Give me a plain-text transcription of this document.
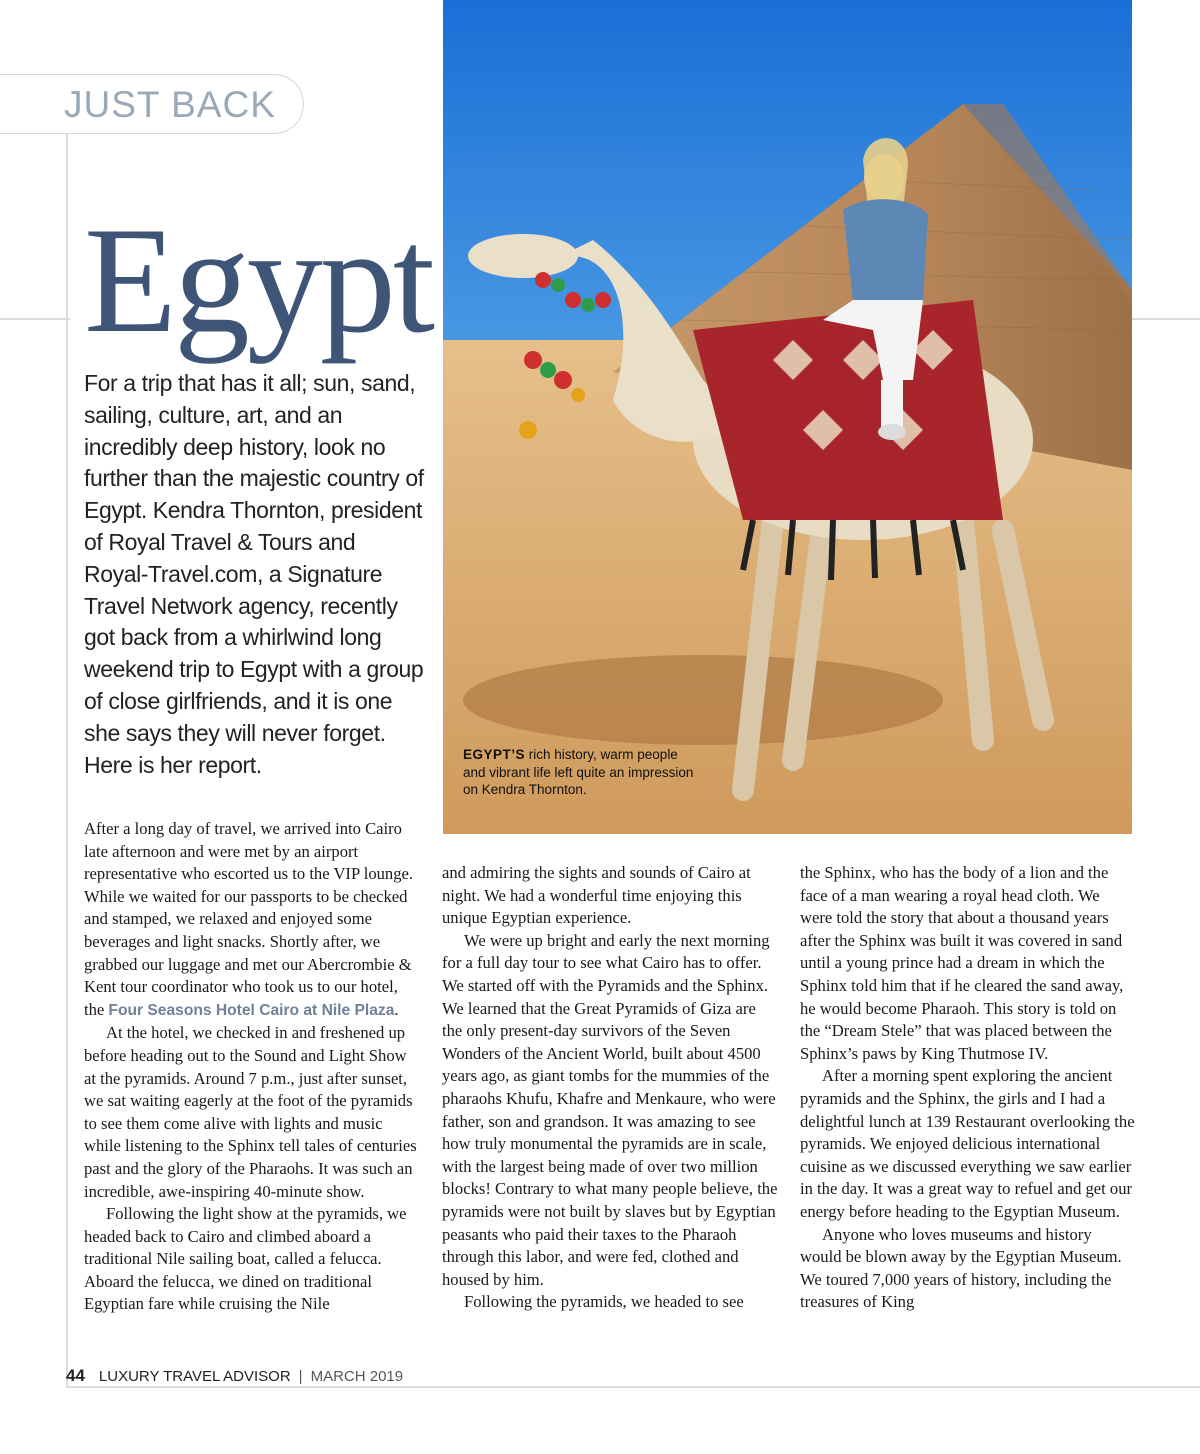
JUST BACK
Egypt
For a trip that has it all; sun, sand, sailing, culture, art, and an incredibly deep history, look no further than the majestic country of Egypt. Kendra Thornton, president of Royal Travel & Tours and Royal-Travel.com, a Signature Travel Network agency, recently got back from a whirlwind long weekend trip to Egypt with a group of close girlfriends, and it is one she says they will never forget. Here is her report.	EGYPT’S rich history, warm people and vibrant life left quite an impression on Kendra Thornton.

After a long day of travel, we arrived into Cairo late afternoon and were met by an airport representative who escorted us to the VIP lounge. While we waited for our passports to be checked and stamped, we relaxed and enjoyed some beverages and light snacks. Shortly after, we grabbed our luggage and met our Abercrombie & Kent tour coordinator who took us to our hotel, the Four Seasons Hotel Cairo at Nile Plaza.

At the hotel, we checked in and freshened up before heading out to the Sound and Light Show at the pyramids. Around 7 p.m., just after sunset, we sat waiting eagerly at the foot of the pyramids to see them come alive with lights and music while listening to the Sphinx tell tales of centuries past and the glory of the Pharaohs. It was such an incredible, awe-inspiring 40-minute show.

Following the light show at the pyramids, we headed back to Cairo and climbed aboard a traditional Nile sailing boat, called a felucca. Aboard the felucca, we dined on traditional Egyptian fare while cruising the Nile

and admiring the sights and sounds of Cairo at night. We had a wonderful time enjoying this unique Egyptian experience.

We were up bright and early the next morning for a full day tour to see what Cairo has to offer. We started off with the Pyramids and the Sphinx. We learned that the Great Pyramids of Giza are the only present-day survivors of the Seven Wonders of the Ancient World, built about 4500 years ago, as giant tombs for the mummies of the pharaohs Khufu, Khafre and Menkaure, who were father, son and grandson. It was amazing to see how truly monumental the pyramids are in scale, with the largest being made of over two million blocks! Contrary to what many people believe, the pyramids were not built by slaves but by Egyptian peasants who paid their taxes to the Pharaoh through this labor, and were fed, clothed and housed by him.

Following the pyramids, we headed to see

the Sphinx, who has the body of a lion and the face of a man wearing a royal head cloth. We were told the story that about a thousand years after the Sphinx was built it was covered in sand until a young prince had a dream in which the Sphinx told him that if he cleared the sand away, he would become Pharaoh. This story is told on the “Dream Stele” that was placed between the Sphinx’s paws by King Thutmose IV.

After a morning spent exploring the ancient pyramids and the Sphinx, the girls and I had a delightful lunch at 139 Restaurant overlooking the pyramids. We enjoyed delicious international cuisine as we discussed everything we saw earlier in the day. It was a great way to refuel and get our energy before heading to the Egyptian Museum.

Anyone who loves museums and history would be blown away by the Egyptian Museum. We toured 7,000 years of history, including the treasures of King

44 LUXURY TRAVEL ADVISOR | MARCH 2019
